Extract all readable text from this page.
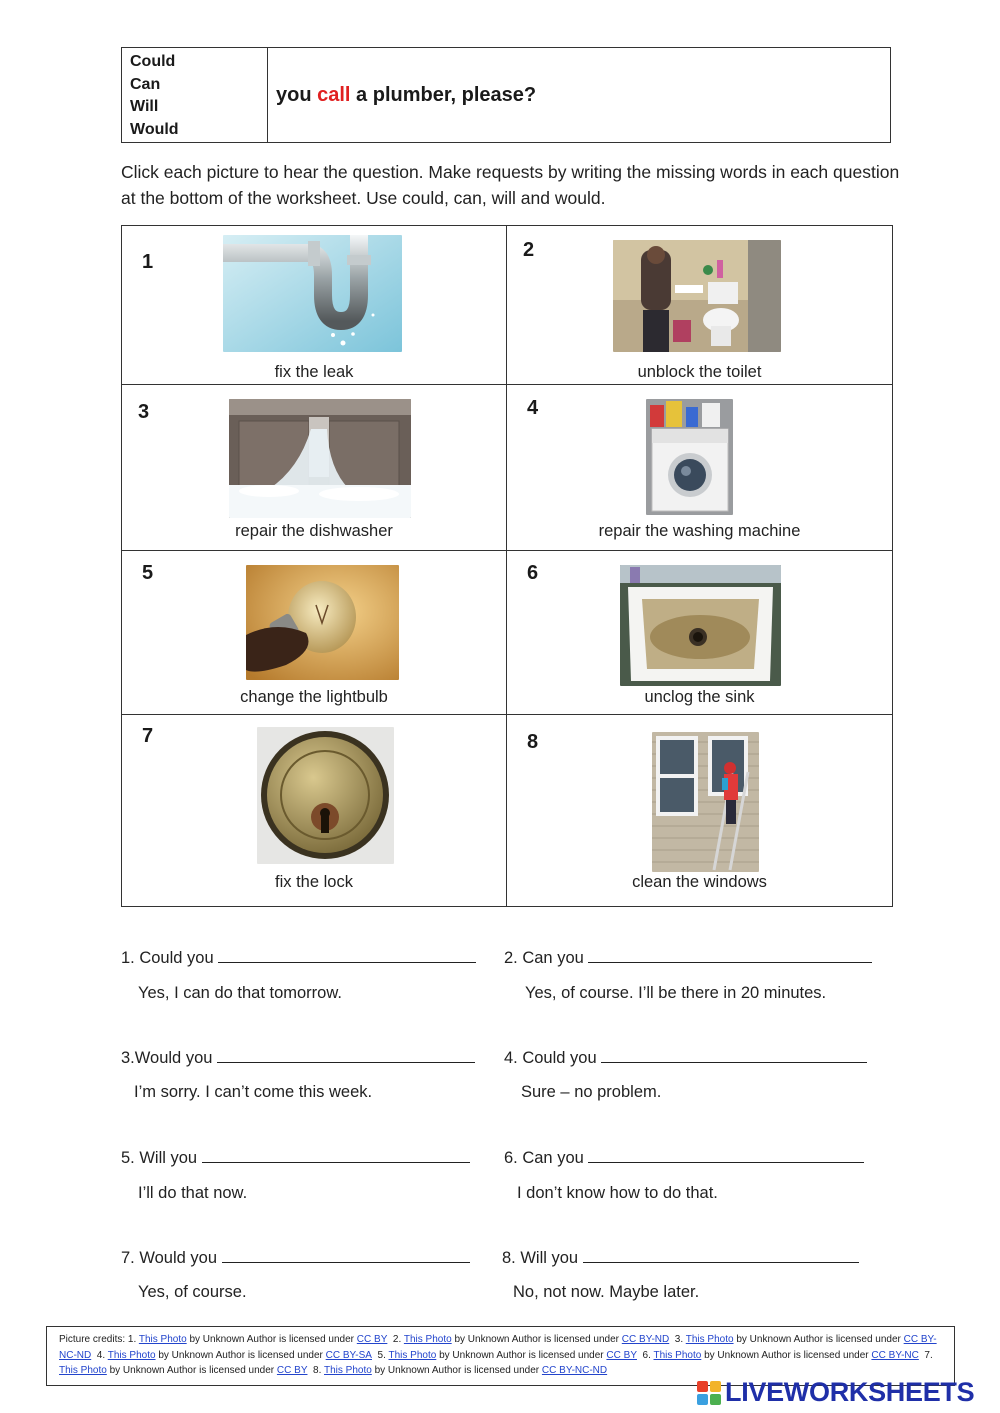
Could
Can
Will
Would
you call a plumber, please?
Click each picture to hear the question. Make requests by writing the missing words in each question at the bottom of the worksheet. Use could, can, will and would.
1
fix the leak
2
unblock the toilet
3
repair the dishwasher
4
repair the washing machine
5
change the lightbulb
6
unclog the sink
7
fix the lock
8
clean the windows
1. Could you
Yes, I can do that tomorrow.
2. Can you
Yes, of course. I’ll be there in 20 minutes.
3.Would you
I’m sorry. I can’t come this week.
4. Could you
Sure – no problem.
5. Will you
I’ll do that now.
6. Can you
I don’t know how to do that.
7. Would you
Yes, of course.
8. Will you
No, not now. Maybe later.
Picture credits: 1. This Photo by Unknown Author is licensed under CC BY 2. This Photo by Unknown Author is licensed under CC BY-ND 3. This Photo by Unknown Author is licensed under CC BY-NC-ND 4. This Photo by Unknown Author is licensed under CC BY-SA 5. This Photo by Unknown Author is licensed under CC BY 6. This Photo by Unknown Author is licensed under CC BY-NC 7. This Photo by Unknown Author is licensed under CC BY 8. This Photo by Unknown Author is licensed under CC BY-NC-ND
LIVEWORKSHEETS
